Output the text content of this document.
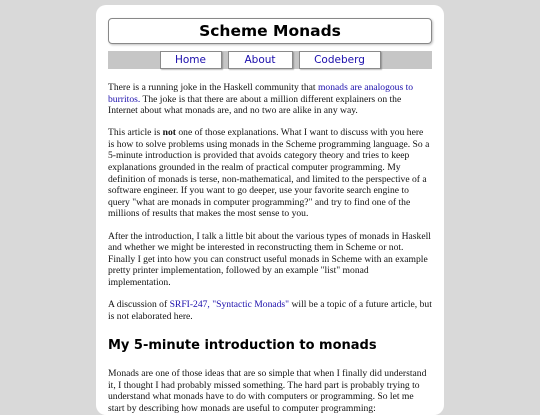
Scheme Monads
Home	About	Codeberg

There is a running joke in the Haskell community that monads are analogous to burritos. The joke is that there are about a million different explainers on the Internet about what monads are, and no two are alike in any way.

This article is not one of those explanations. What I want to discuss with you here is how to solve problems using monads in the Scheme programming language. So a 5-minute introduction is provided that avoids category theory and tries to keep explanations grounded in the realm of practical computer programming. My definition of monads is terse, non-mathematical, and limited to the perspective of a software engineer. If you want to go deeper, use your favorite search engine to query "what are monads in computer programming?" and try to find one of the millions of results that makes the most sense to you.

After the introduction, I talk a little bit about the various types of monads in Haskell and whether we might be interested in reconstructing them in Scheme or not. Finally I get into how you can construct useful monads in Scheme with an example pretty printer implementation, followed by an example "list" monad implementation.

A discussion of SRFI-247, "Syntactic Monads" will be a topic of a future article, but is not elaborated here.

My 5-minute introduction to monads

Monads are one of those ideas that are so simple that when I finally did understand it, I thought I had probably missed something. The hard part is probably trying to understand what monads have to do with computers or programming. So let me start by describing how monads are useful to computer programming:
